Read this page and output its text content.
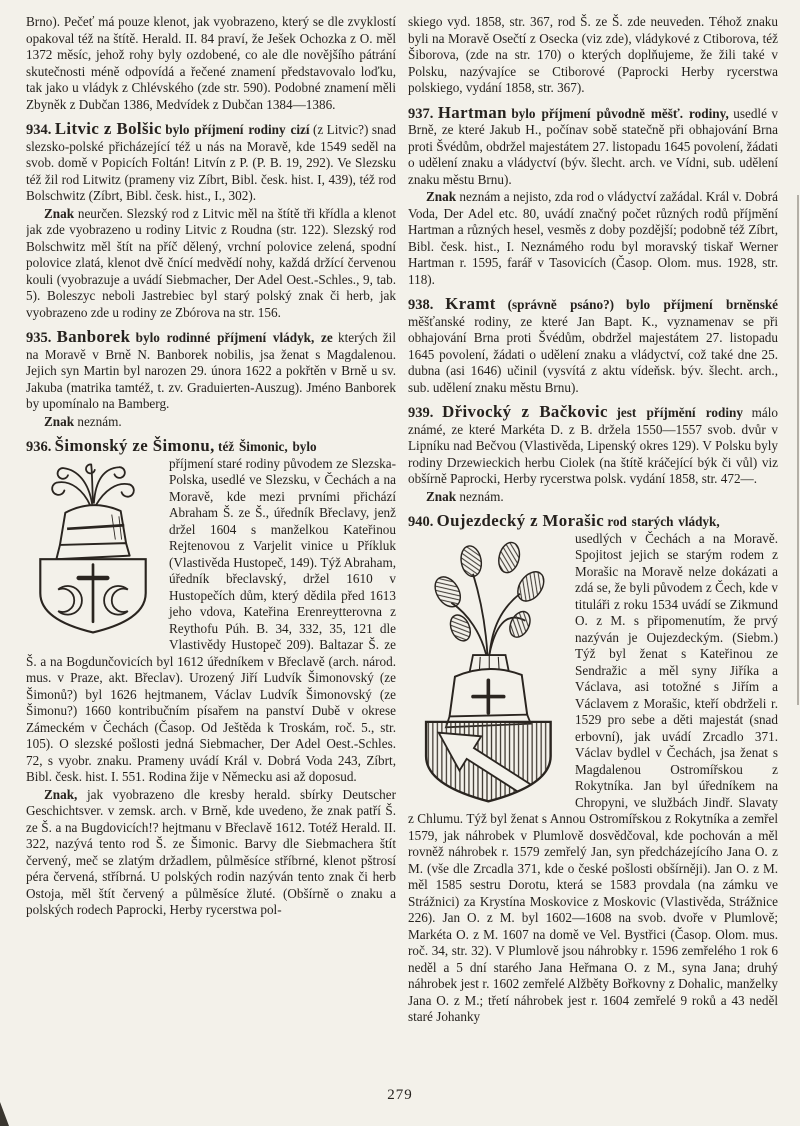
Brno). Pečeť má pouze klenot, jak vyobrazeno, který se dle zvyklostí opakoval též na štítě. Herald. II. 84 praví, že Ješek Ochozka z O. měl 1372 měsíc, jehož rohy byly ozdobené, co ale dle novějšího pátrání skutečnosti méně odpovídá a řečené znamení představovalo loďku, tak jako u vládyk z Chlévského (zde str. 590). Podobné znamení měli Zbyněk z Dubčan 1386, Medvídek z Dubčan 1384—1386.

934. Litvic z Bolšic bylo příjmení rodiny cizí (z Litvic?) snad slezsko-polské přicházející též u nás na Moravě, kde 1549 seděl na svob. domě v Popicích Foltán! Litvín z P. (P. B. 19, 292). Ve Slezsku též žil rod Litwitz (prameny viz Zíbrt, Bibl. česk. hist. I, 439), též rod Bolschwitz (Zíbrt, Bibl. česk. hist., I., 302).

Znak neurčen. Slezský rod z Litvic měl na štítě tři křídla a klenot jak zde vyobrazeno u rodiny Litvic z Roudna (str. 122). Slezský rod Bolschwitz měl štít na příč dělený, vrchní polovice zelená, spodní polovice zlatá, klenot dvě čnící medvědí nohy, každá držící červenou kouli (vyobrazuje a uvádí Siebmacher, Der Adel Oest.-Schles., 9, tab. 5). Boleszyc neboli Jastrebiec byl starý polský znak či herb, jak vyobrazeno zde u rodiny ze Zbórova na str. 156.

935. Banborek bylo rodinné příjmení vládyk, ze kterých žil na Moravě v Brně N. Banborek nobilis, jsa ženat s Magdalenou. Jejich syn Martin byl narozen 29. února 1622 a pokřtěn v Brně u sv. Jakuba (matrika tamtéž, t. zv. Graduierten-Auszug). Jméno Banborek by upomínalo na Bamberg.

Znak neznám.

936. Šimonský ze Šimonu, též Šimonic, bylo

příjmení staré rodiny původem ze Slezska-Polska, usedlé ve Slezsku, v Čechách a na Moravě, kde mezi prvními přichází Abraham Š. ze Š., úředník Břeclavy, jenž držel 1604 s manželkou Kateřinou Rejtenovou z Varjelit vinice u Příkluk (Vlastivěda Hustopeč, 149). Týž Abraham, úředník břeclavský, držel 1610 v Hustopečích dům, který dědila před 1613 jeho vdova, Kateřina Erenreytterovna z Reythofu Púh. B. 34, 332, 35, 121 dle Vlastivědy Hustopeč 209). Baltazar Š. ze Š. a na Bogdunčovicích byl 1612 úředníkem v Břeclavě (arch. národ. mus. v Praze, akt. Břeclav). Urozený Jiří Ludvík Šimonovský (ze Šimonů?) byl 1626 hejtmanem, Václav Ludvík Šimonovský (ze Šimonu?) 1660 kontribučním písařem na panství Dubě v okrese Zámeckém v Čechách (Časop. Od Ještěda k Troskám, roč. 5., str. 105). O slezské pošlosti jedná Siebmacher, Der Adel Oest.-Schles. 72, s vyobr. znaku. Prameny uvádí Král v. Dobrá Voda 243, Zíbrt, Bibl. česk. hist. I. 551. Rodina žije v Německu asi až doposud.

Znak, jak vyobrazeno dle kresby herald. sbírky Deutscher Geschichtsver. v zemsk. arch. v Brně, kde uvedeno, že znak patří Š. ze Š. a na Bugdovicích!? hejtmanu v Břeclavě 1612. Totéž Herald. II. 322, nazývá tento rod Š. ze Šimonic. Barvy dle Siebmachera štít červený, meč se zlatým držadlem, půlměsíce stříbrné, klenot pštrosí péra červená, stříbrná. U polských rodin nazýván tento znak či herb Ostoja, měl štít červený a půlměsíce žluté. (Obšírně o znaku a polských rodech Paprocki, Herby rycerstwa pol-

skiego vyd. 1858, str. 367, rod Š. ze Š. zde neuveden. Téhož znaku byli na Moravě Osečtí z Osecka (viz zde), vládykové z Ctiborova, též Šiborova, (zde na str. 170) o kterých doplňujeme, že žili také v Polsku, nazývajíce se Ctiborové (Paprocki Herby rycerstwa polskiego, vydání 1858, str. 367).

937. Hartman bylo příjmení původně měšť. rodiny, usedlé v Brně, ze které Jakub H., počínav sobě statečně při obhajování Brna proti Švédům, obdržel majestátem 27. listopadu 1645 povolení, žádati o udělení znaku a vládyctví (býv. šlecht. arch. ve Vídni, sub. udělení znaku městu Brnu).

Znak neznám a nejisto, zda rod o vládyctví zažádal. Král v. Dobrá Voda, Der Adel etc. 80, uvádí značný počet různých rodů příjmění Hartman a různých hesel, vesměs z doby pozdější; podobně též Zíbrt, Bibl. česk. hist., I. Neznámého rodu byl moravský tiskař Werner Hartman r. 1595, farář v Tasovicích (Časop. Olom. mus. 1928, str. 118).

938. Kramt (správně psáno?) bylo příjmení brněnské měšťanské rodiny, ze které Jan Bapt. K., vyznamenav se při obhajování Brna proti Švédům, obdržel majestátem 27. listopadu 1645 povolení, žádati o udělení znaku a vládyctví, což také dne 25. dubna (asi 1646) učinil (vysvítá z aktu vídeňsk. býv. šlecht. arch., sub. udělení znaku městu Brnu).

939. Dřivocký z Bačkovic jest příjmění rodiny málo známé, ze které Markéta D. z B. držela 1550—1557 svob. dvůr v Lipníku nad Bečvou (Vlastivěda, Lipenský okres 129). V Polsku byly rodiny Drzewieckich herbu Ciolek (na štítě kráčející býk či vůl) viz obšírně Paprocki, Herby rycerstwa polsk. vydání 1858, str. 472—.

Znak neznám.

940. Oujezdecký z Morašic rod starých vládyk,

usedlých v Čechách a na Moravě. Spojitost jejich se starým rodem z Morašic na Moravě nelze dokázati a zdá se, že byli původem z Čech, kde v tituláři z roku 1534 uvádí se Zikmund O. z M. s připomenutím, že prvý nazýván je Oujezdeckým. (Siebm.) Týž byl ženat s Kateřinou ze Sendražic a měl syny Jiříka a Václava, asi totožné s Jiřím a Václavem z Morašic, kteří obdrželi r. 1529 pro sebe a děti majestát (snad erbovní), jak uvádí Zrcadlo 371. Václav bydlel v Čechách, jsa ženat s Magdalenou Ostromířskou z Rokytníka. Jan byl úředníkem na Chropyni, ve službách Jindř. Slavaty z Chlumu. Týž byl ženat s Annou Ostromířskou z Rokytníka a zemřel 1579, jak náhrobek v Plumlově dosvědčoval, kde pochován a měl rovněž náhrobek r. 1579 zemřelý Jan, syn předcházejícího Jana O. z M. (vše dle Zrcadla 371, kde o české pošlosti obšírněji). Jan O. z M. měl 1585 sestru Dorotu, která se 1583 provdala (na zámku ve Strážnici) za Krystína Moskovice z Moskovic (Vlastivěda, Strážnice 226). Jan O. z M. byl 1602—1608 na svob. dvoře v Plumlově; Markéta O. z M. 1607 na domě ve Vel. Bystřici (Časop. Olom. mus. roč. 34, str. 32). V Plumlově jsou náhrobky r. 1596 zemřelého 1 rok 6 neděl a 5 dní starého Jana Heřmana O. z M., syna Jana; druhý náhrobek jest r. 1602 zemřelé Alžběty Bořkovny z Dohalic, manželky Jana O. z M.; třetí náhrobek jest r. 1604 zemřelé 9 roků a 43 neděl staré Johanky

279
